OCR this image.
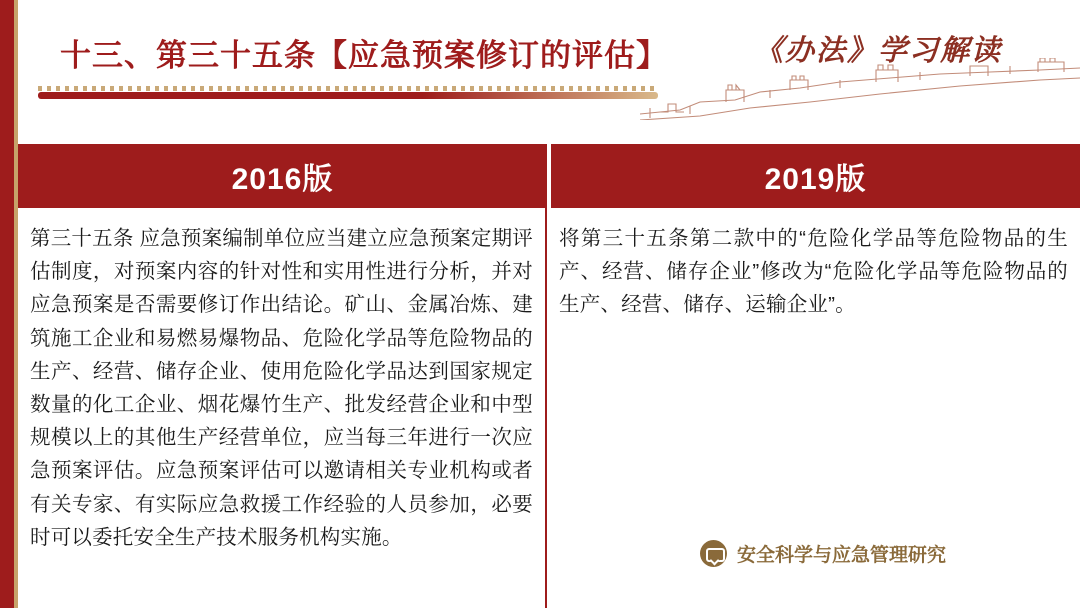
十三、第三十五条【应急预案修订的评估】	《办法》学习解读
2016版	2019版
第三十五条 应急预案编制单位应当建立应急预案定期评估制度，对预案内容的针对性和实用性进行分析，并对应急预案是否需要修订作出结论。矿山、金属冶炼、建筑施工企业和易燃易爆物品、危险化学品等危险物品的生产、经营、储存企业、使用危险化学品达到国家规定数量的化工企业、烟花爆竹生产、批发经营企业和中型规模以上的其他生产经营单位，应当每三年进行一次应急预案评估。应急预案评估可以邀请相关专业机构或者有关专家、有实际应急救援工作经验的人员参加，必要时可以委托安全生产技术服务机构实施。
将第三十五条第二款中的“危险化学品等危险物品的生产、经营、储存企业”修改为“危险化学品等危险物品的生产、经营、储存、运输企业”。
安全科学与应急管理研究
